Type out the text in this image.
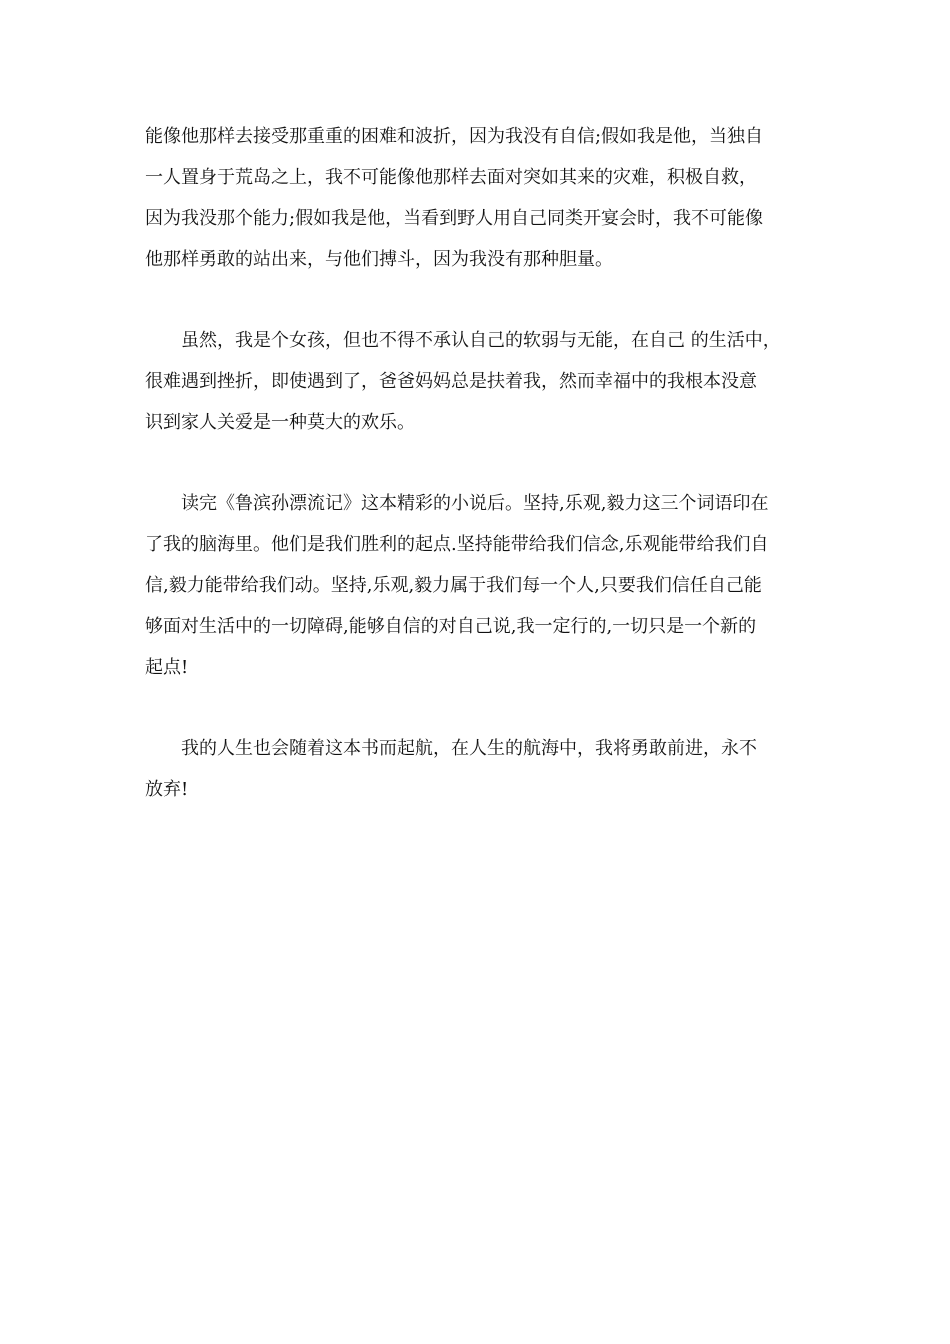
能像他那样去接受那重重的困难和波折，因为我没有自信;假如我是他，当独自
一人置身于荒岛之上，我不可能像他那样去面对突如其来的灾难，积极自救，
因为我没那个能力;假如我是他，当看到野人用自己同类开宴会时，我不可能像
他那样勇敢的站出来，与他们搏斗，因为我没有那种胆量。

　　虽然，我是个女孩，但也不得不承认自己的软弱与无能，在自己 的生活中，
很难遇到挫折，即使遇到了，爸爸妈妈总是扶着我，然而幸福中的我根本没意
识到家人关爱是一种莫大的欢乐。

　　读完《鲁滨孙漂流记》这本精彩的小说后。坚持,乐观,毅力这三个词语印在
了我的脑海里。他们是我们胜利的起点.坚持能带给我们信念,乐观能带给我们自
信,毅力能带给我们动。坚持,乐观,毅力属于我们每一个人,只要我们信任自己能
够面对生活中的一切障碍,能够自信的对自己说,我一定行的,一切只是一个新的
起点!

　　我的人生也会随着这本书而起航，在人生的航海中，我将勇敢前进，永不
放弃!
